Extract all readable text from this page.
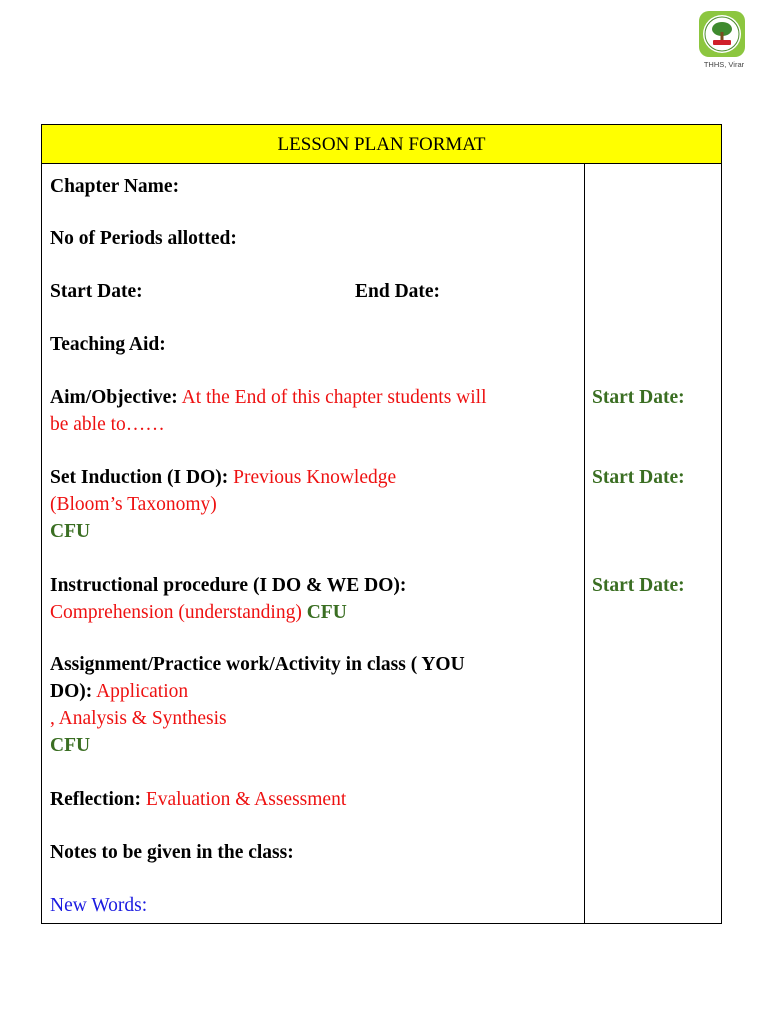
THHS, Virar
LESSON PLAN FORMAT
Chapter Name:
No of Periods allotted:
Start Date:	End Date:
Teaching Aid:
Aim/Objective: At the End of this chapter students will
be able to……
Set Induction (I DO): Previous Knowledge
(Bloom’s Taxonomy)
CFU
Instructional procedure (I DO & WE DO):
Comprehension (understanding) CFU
Assignment/Practice work/Activity in class ( YOU
DO): Application
, Analysis & Synthesis
CFU
Reflection: Evaluation & Assessment
Notes to be given in the class:
New Words:
Start Date:
Start Date:
Start Date:
